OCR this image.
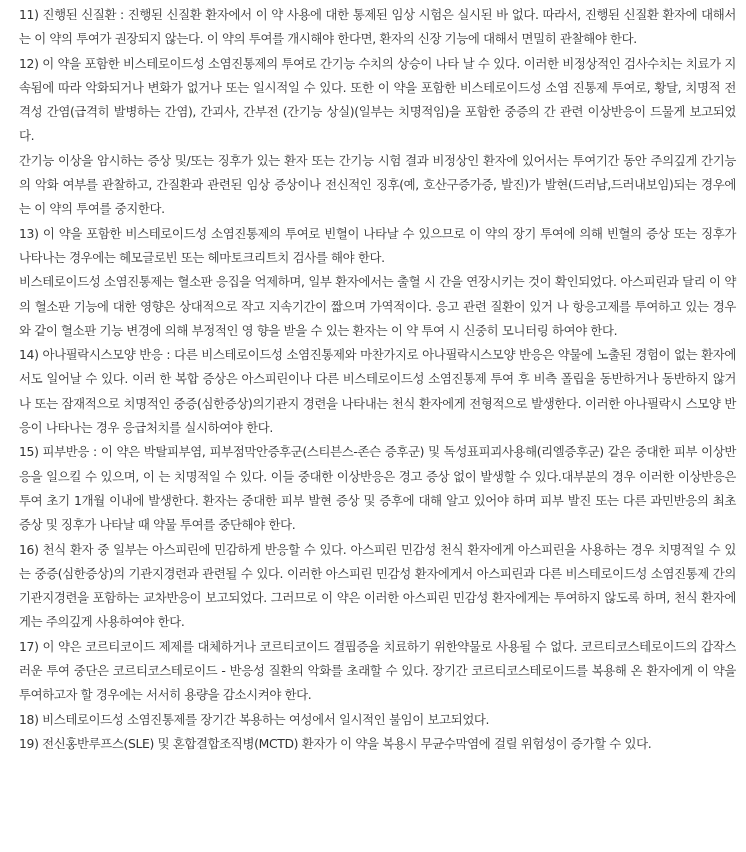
11) 진행된 신질환 : 진행된 신질환 환자에서 이 약 사용에 대한 통제된 임상 시험은 실시된 바 없다. 따라서, 진행된 신질환 환자에 대해서는 이 약의 투여가 권장되지 않는다. 이 약의 투여를 개시해야 한다면, 환자의 신장 기능에 대해서 면밀히 관찰해야 한다.

12) 이 약을 포함한 비스테로이드성 소염진통제의 투여로 간기능 수치의 상승이 나타 날 수 있다. 이러한 비정상적인 검사수치는 치료가 지속됨에 따라 악화되거나 변화가 없거나 또는 일시적일 수 있다. 또한 이 약을 포함한 비스테로이드성 소염 진통제 투여로, 황달, 치명적 전격성 간염(급격히 발병하는 간염), 간괴사, 간부전 (간기능 상실)(일부는 치명적임)을 포함한 중증의 간 관련 이상반응이 드물게 보고되었다.

간기능 이상을 암시하는 증상 및/또는 징후가 있는 환자 또는 간기능 시험 결과 비정상인 환자에 있어서는 투여기간 동안 주의깊게 간기능의 악화 여부를 관찰하고, 간질환과 관련된 임상 증상이나 전신적인 징후(예, 호산구증가증, 발진)가 발현(드러남,드러내보임)되는 경우에는 이 약의 투여를 중지한다.

13) 이 약을 포함한 비스테로이드성 소염진통제의 투여로 빈혈이 나타날 수 있으므로 이 약의 장기 투여에 의해 빈혈의 증상 또는 징후가 나타나는 경우에는 헤모글로빈 또는 헤마토크리트치 검사를 해야 한다.

비스테로이드성 소염진통제는 혈소판 응집을 억제하며, 일부 환자에서는 출혈 시 간을 연장시키는 것이 확인되었다. 아스피린과 달리 이 약의 혈소판 기능에 대한 영향은 상대적으로 작고 지속기간이 짧으며 가역적이다. 응고 관련 질환이 있거 나 항응고제를 투여하고 있는 경우와 같이 혈소판 기능 변경에 의해 부정적인 영 향을 받을 수 있는 환자는 이 약 투여 시 신중히 모니터링 하여야 한다.

14) 아나필락시스모양 반응 : 다른 비스테로이드성 소염진통제와 마찬가지로 아나필락시스모양 반응은 약물에 노출된 경험이 없는 환자에서도 일어날 수 있다. 이러 한 복합 증상은 아스피린이나 다른 비스테로이드성 소염진통제 투여 후 비측 폴립을 동반하거나 동반하지 않거나 또는 잠재적으로 치명적인 중증(심한증상)의기관지 경련을 나타내는 천식 환자에게 전형적으로 발생한다. 이러한 아나필락시 스모양 반응이 나타나는 경우 응급처치를 실시하여야 한다.

15) 피부반응 : 이 약은 박탈피부염, 피부점막안증후군(스티븐스-존슨 증후군) 및 독성표피괴사용해(리엘증후군) 같은 중대한 피부 이상반응을 일으킬 수 있으며, 이 는 치명적일 수 있다. 이들 중대한 이상반응은 경고 증상 없이 발생할 수 있다.대부분의 경우 이러한 이상반응은 투여 초기 1개월 이내에 발생한다. 환자는 중대한 피부 발현 증상 및 증후에 대해 알고 있어야 하며 피부 발진 또는 다른 과민반응의 최초 증상 및 징후가 나타날 때 약물 투여를 중단해야 한다.

16) 천식 환자 중 일부는 아스피린에 민감하게 반응할 수 있다. 아스피린 민감성 천식 환자에게 아스피린을 사용하는 경우 치명적일 수 있는 중증(심한증상)의 기관지경련과 관련될 수 있다. 이러한 아스피린 민감성 환자에게서 아스피린과 다른 비스테로이드성 소염진통제 간의 기관지경련을 포함하는 교차반응이 보고되었다. 그러므로 이 약은 이러한 아스피린 민감성 환자에게는 투여하지 않도록 하며, 천식 환자에게는 주의깊게 사용하여야 한다.

17) 이 약은 코르티코이드 제제를 대체하거나 코르티코이드 결핍증을 치료하기 위한약물로 사용될 수 없다. 코르티코스테로이드의 갑작스러운 투여 중단은 코르티코스테로이드 - 반응성 질환의 악화를 초래할 수 있다. 장기간 코르티코스테로이드를 복용해 온 환자에게 이 약을 투여하고자 할 경우에는 서서히 용량을 감소시켜야 한다.

18) 비스테로이드성 소염진통제를 장기간 복용하는 여성에서 일시적인 불임이 보고되었다.

19) 전신홍반루프스(SLE) 및 혼합결합조직병(MCTD) 환자가 이 약을 복용시 무균수막염에 걸릴 위험성이 증가할 수 있다.
